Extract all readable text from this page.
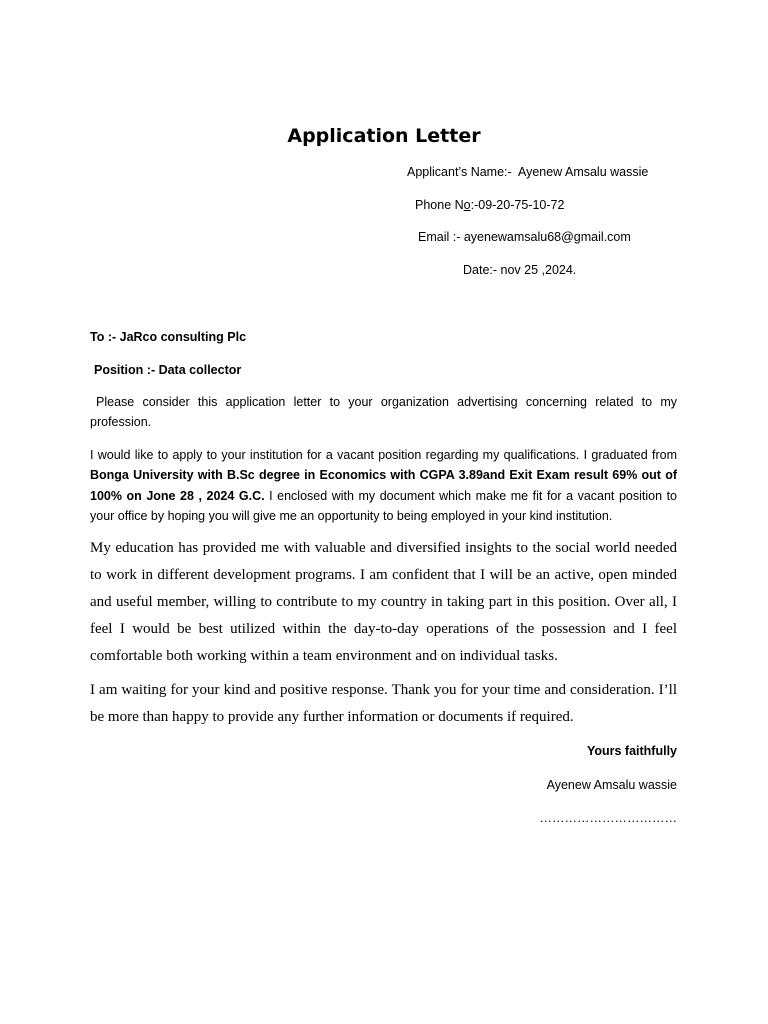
Application Letter
Applicant’s Name:- Ayenew Amsalu wassie
Phone No:-09-20-75-10-72
Email :- ayenewamsalu68@gmail.com
Date:- nov 25 ,2024.
To :- JaRco consulting Plc
Position :- Data collector

Please consider this application letter to your organization advertising concerning related to my profession.

I would like to apply to your institution for a vacant position regarding my qualifications. I graduated from Bonga University with B.Sc degree in Economics with CGPA 3.89and Exit Exam result 69% out of 100% on Jone 28 , 2024 G.C. I enclosed with my document which make me fit for a vacant position to your office by hoping you will give me an opportunity to being employed in your kind institution.

My education has provided me with valuable and diversified insights to the social world needed to work in different development programs. I am confident that I will be an active, open minded and useful member, willing to contribute to my country in taking part in this position. Over all, I feel I would be best utilized within the day-to-day operations of the possession and I feel comfortable both working within a team environment and on individual tasks.

I am waiting for your kind and positive response. Thank you for your time and consideration. I’ll be more than happy to provide any further information or documents if required.

Yours faithfully
Ayenew Amsalu wassie
……………………………
